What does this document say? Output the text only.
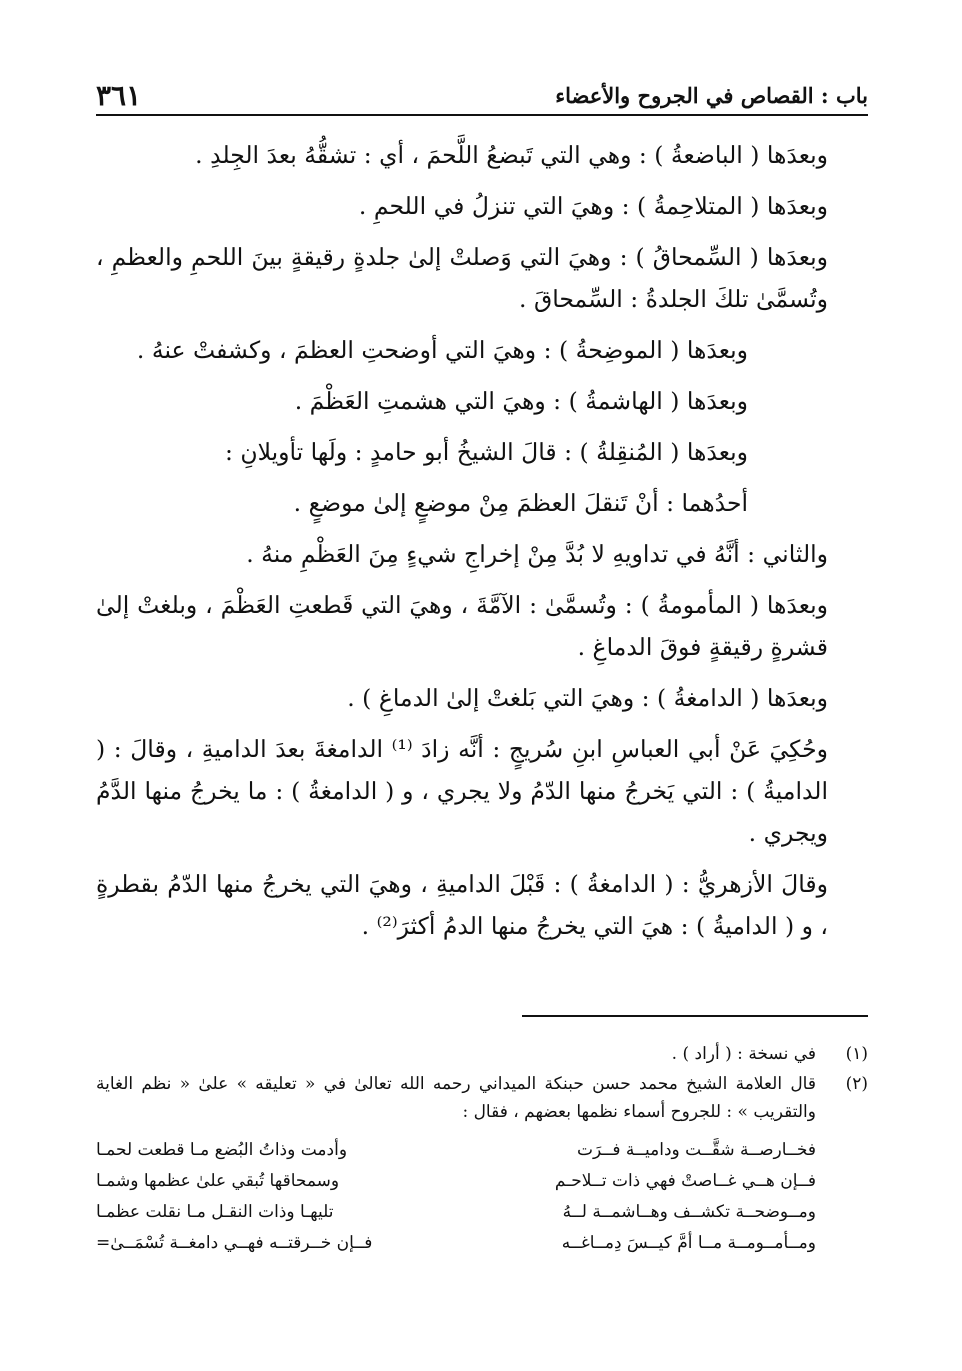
باب : القصاص في الجروح والأعضاء
٣٦١

وبعدَها ( الباضعةُ ) : وهي التي تَبضعُ اللَّحمَ ، أي : تشقُّهُ بعدَ الجِلدِ .

وبعدَها ( المتلاحِمةُ ) : وهيَ التي تنزلُ في اللحمِ .

وبعدَها ( السِّمحاقُ ) : وهيَ التي وَصلتْ إلىٰ جلدةٍ رقيقةٍ بينَ اللحمِ والعظمِ ، وتُسمَّىٰ تلكَ الجلدةُ : السِّمحاقَ .

وبعدَها ( الموضِحةُ ) : وهيَ التي أوضحتِ العظمَ ، وكشفتْ عنهُ .

وبعدَها ( الهاشمةُ ) : وهيَ التي هشمتِ العَظْمَ .

وبعدَها ( المُنقِلةُ ) : قالَ الشيخُ أبو حامدٍ : ولَها تأويلانِ :

أحدُهما : أنْ تَنقلَ العظمَ مِنْ موضعٍ إلىٰ موضعٍ .

والثاني : أنَّهُ في تداويهِ لا بُدَّ مِنْ إخراجِ شيءٍ مِنَ العَظْمِ منهُ .

وبعدَها ( المأمومةُ ) : وتُسمَّىٰ : الآمَّةَ ، وهيَ التي قَطعتِ العَظْمَ ، وبلغتْ إلىٰ قشرةٍ رقيقةٍ فوقَ الدماغِ .

وبعدَها ( الدامغةُ ) : وهيَ التي بَلغتْ إلىٰ الدماغِ ) .

وحُكِيَ عَنْ أبي العباسِ ابنِ سُريجٍ : أنَّه زادَ ⁽¹⁾ الدامغةَ بعدَ الداميةِ ، وقالَ : ( الداميةُ ) : التي يَخرجُ منها الدّمُ ولا يجري ، و ( الدامغةُ ) : ما يخرجُ منها الدَّمُ ويجري .

وقالَ الأزهريُّ : ( الدامغةُ ) : قَبْلَ الداميةِ ، وهيَ التي يخرجُ منها الدّمُ بقطرةٍ ، و ( الداميةُ ) : هيَ التي يخرجُ منها الدمُ أكثرَ⁽²⁾ .

(١)
في نسخة : ( أراد ) .
(٢)
قال العلامة الشيخ محمد حسن حبنكة الميداني رحمه الله تعالىٰ في « تعليقه » علىٰ « نظم الغاية والتقريب » : للجروح أسماء نظمها بعضهم ، فقال :
فخــارصــة شقَّــت وداميــة فــرَت
وأدمت وذاتُ البُضع مـا قطعت لحمـا
فــإن هــي غــاصتْ فهي ذات تــلاحـم
وسمحاقها تُبقي علىٰ عظمها وشمـا
ومــوضحــة تكشــف وهــاشمــة لــهُ
تليهـا وذات النقـل مـا نقلت عظمـا
ومــأمــومــة مــا أمَّ كيــسَ دِمــاغــه
فــإن خــرقتــه فهــي دامغــة تُسْمَــىٰ=
